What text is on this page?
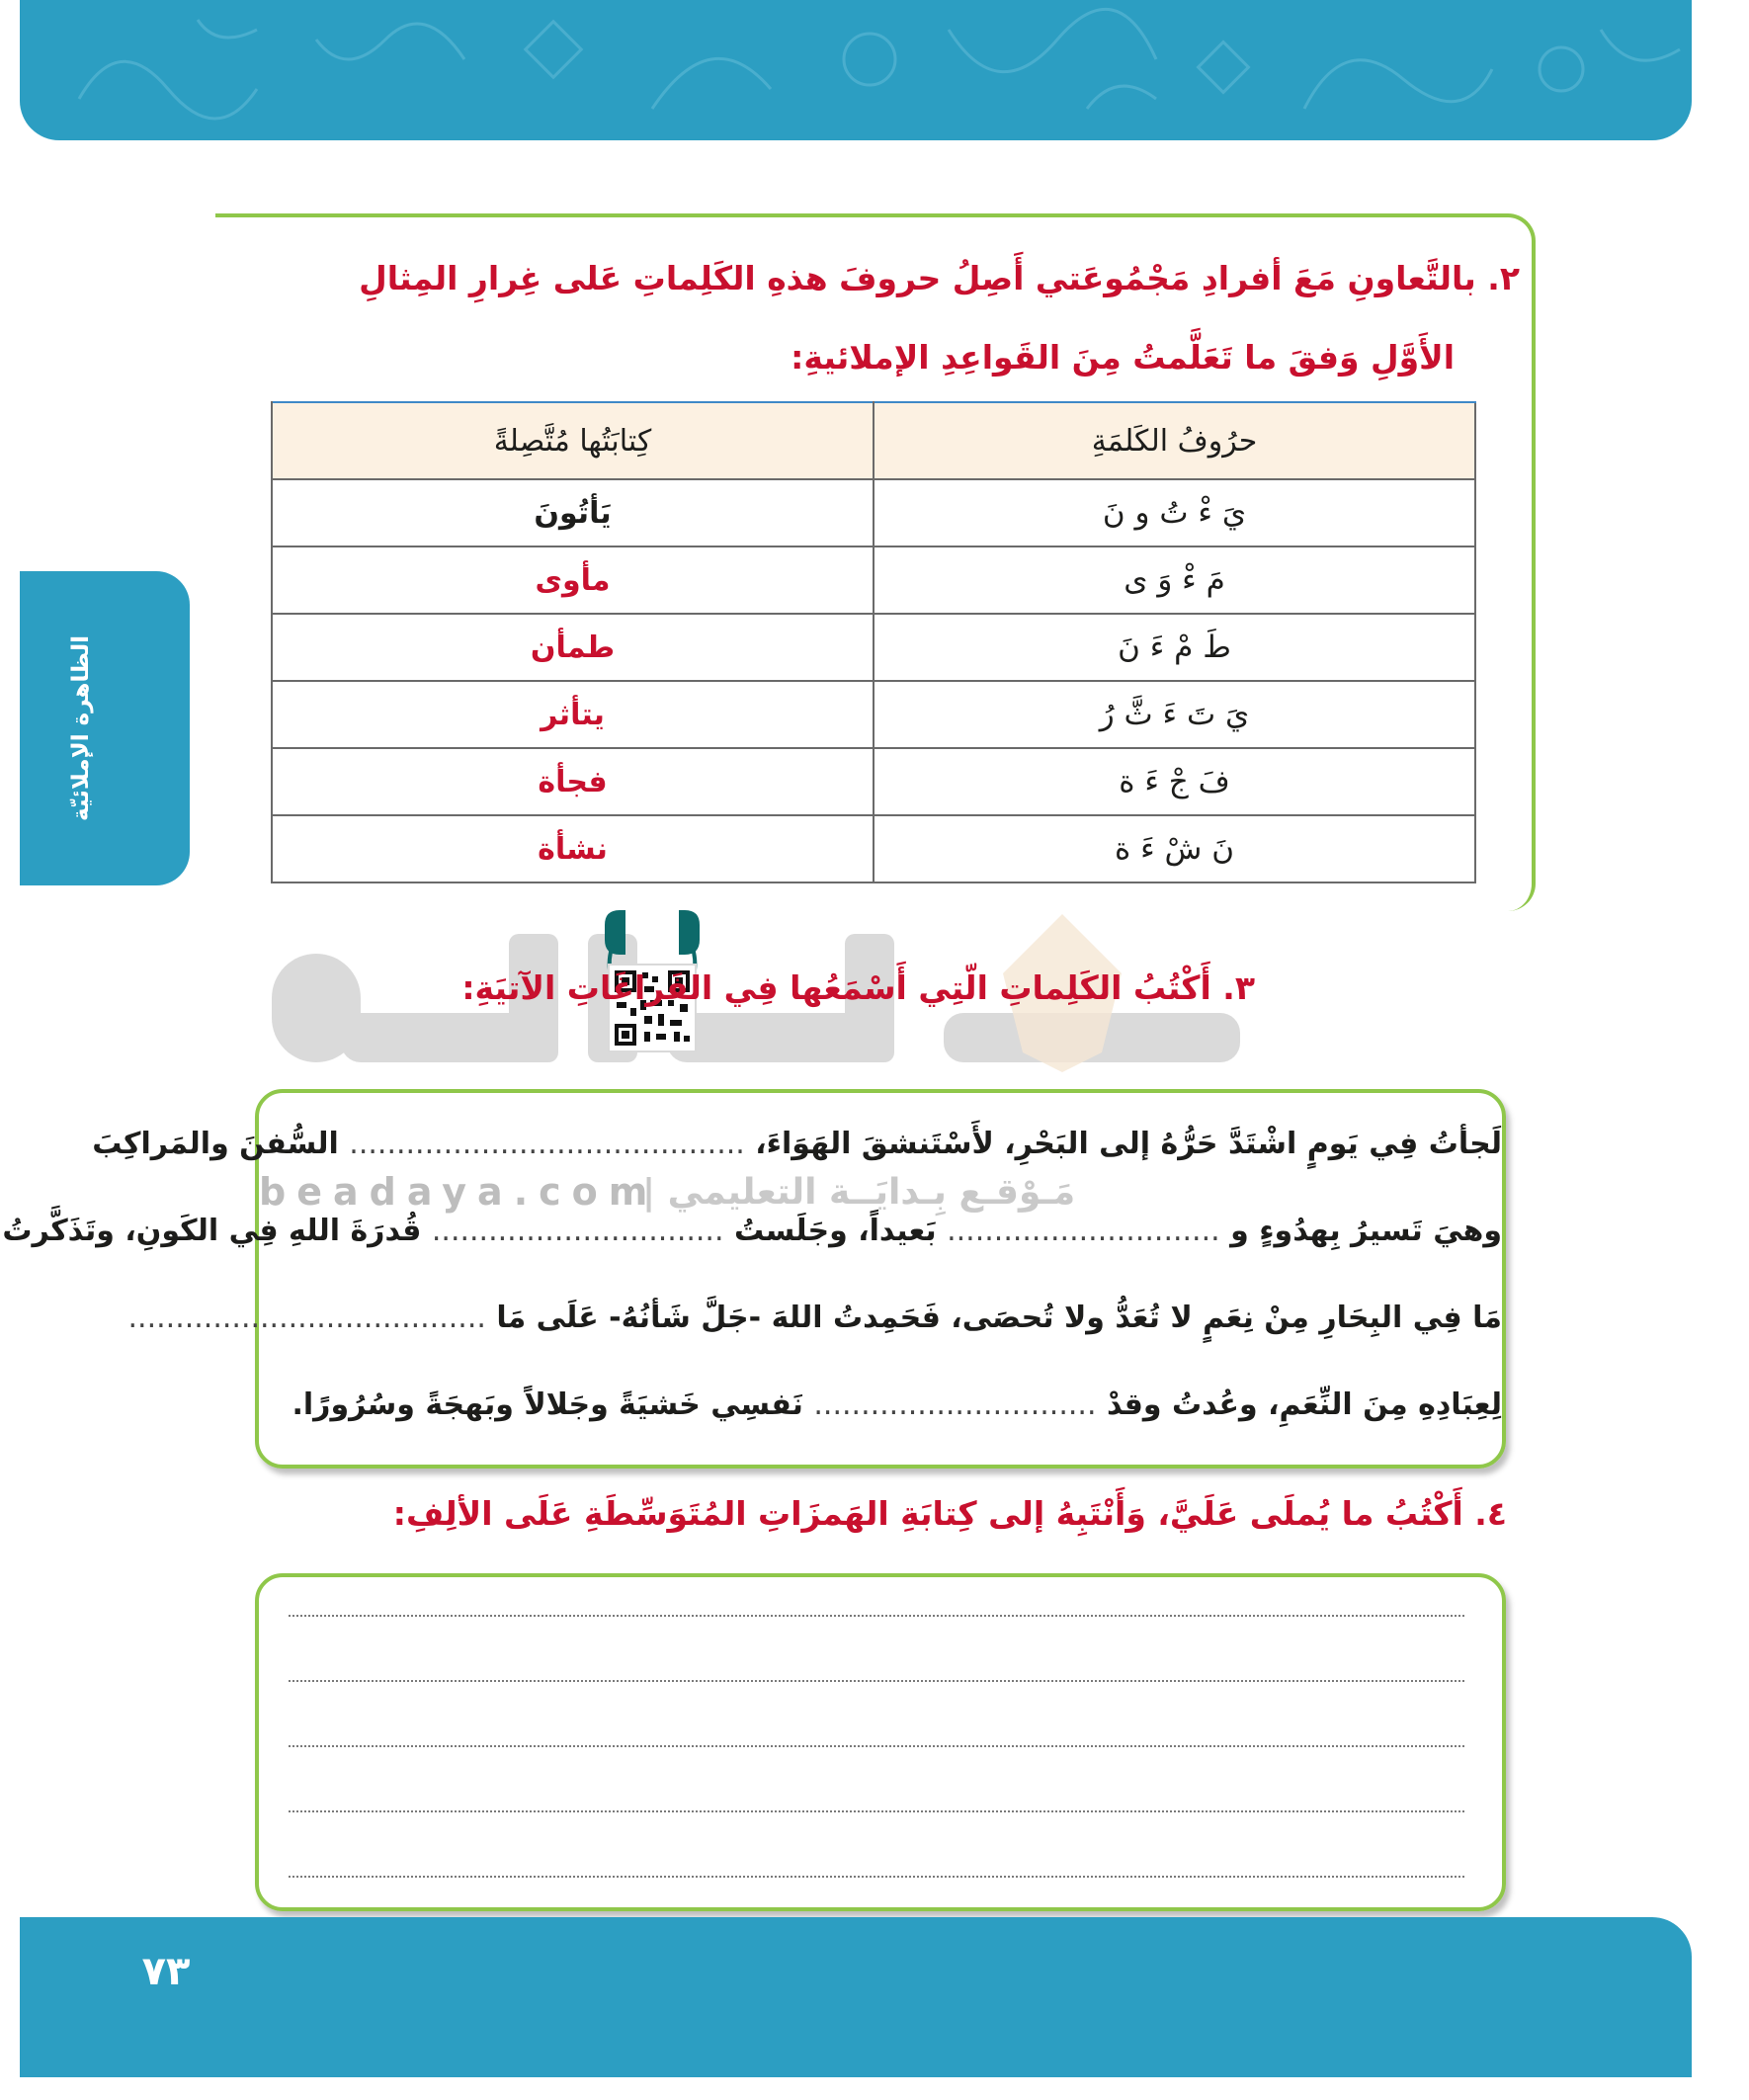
الظاهرة الإملائيّة
beadaya.com
مَـوْقـع بِـدايَــة التعليمي |
٢. بالتَّعاونِ مَعَ أفرادِ مَجْمُوعَتي أَصِلُ حروفَ هذهِ الكَلِماتِ عَلى غِرارِ المِثالِ
الأَوَّلِ وَفقَ ما تَعَلَّمتُ مِنَ القَواعِدِ الإملائيةِ:
حرُوفُ الكَلمَةِ	كِتابَتُها مُتَّصِلةً
يَ ءْ تُ و نَ	يَأتُونَ
مَ ءْ وَ ى	مأوى
طَ مْ ءَ نَ	طمأن
يَ تَ ءَ ثَّ رُ	يتأثر
فَ جْ ءَ ة	فجأة
نَ شْ ءَ ة	نشأة
٣. أَكْتُبُ الكَلِماتِ الّتِي أَسْمَعُها فِي الفَراغَاتِ الآتيَةِ:
لَجأتُ فِي يَومٍ اشْتَدَّ حَرُّهُ إلى البَحْرِ، لأَسْتَنشقَ الهَوَاءَ، .......................................... السُّفنَ والمَراكِبَ
وهيَ تَسيرُ بِهدُوءٍ و ............................. بَعيداً، وجَلَستُ ............................... قُدرَةَ اللهِ فِي الكَونِ، وتَذَكَّرتُ
مَا فِي البِحَارِ مِنْ نِعَمٍ لا تُعَدُّ ولا تُحصَى، فَحَمِدتُ اللهَ -جَلَّ شَأنُهُ- عَلَى مَا ......................................
لِعِبَادِهِ مِنَ النِّعَمِ، وعُدتُ وقدْ .............................. نَفسِي خَشيَةً وجَلالاً وبَهجَةً وسُرُورًا.
٤. أَكْتُبُ ما يُملَى عَلَيَّ، وَأَنْتَبِهُ إلى كِتابَةِ الهَمزَاتِ المُتَوَسِّطَةِ عَلَى الألِفِ:
٧٣
